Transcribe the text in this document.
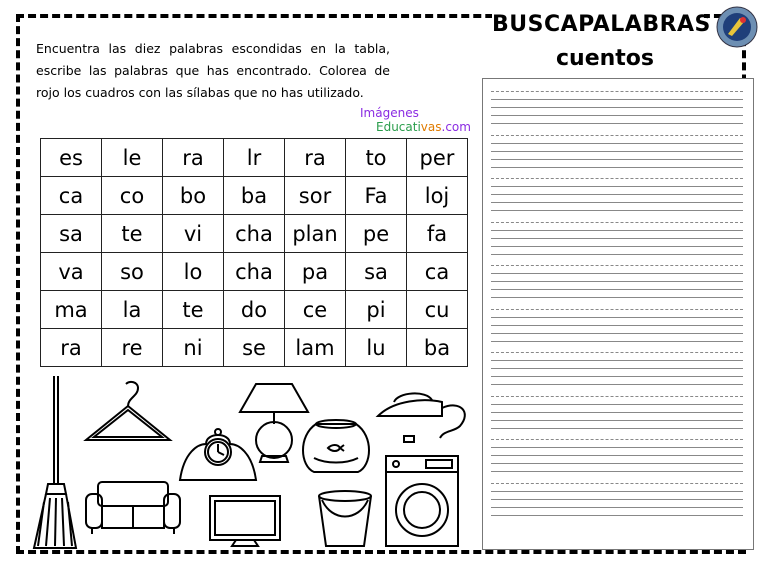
BUSCAPALABRAS
cuentos
Encuentra las diez palabras escondidas en la tabla, escribe las palabras que has encontrado. Colorea de rojo los cuadros con las sílabas que no has utilizado.
Imágenes
Educativas.com
es	le	ra	lr	ra	to	per
ca	co	bo	ba	sor	Fa	loj
sa	te	vi	cha	plan	pe	fa
va	so	lo	cha	pa	sa	ca
ma	la	te	do	ce	pi	cu
ra	re	ni	se	lam	lu	ba
